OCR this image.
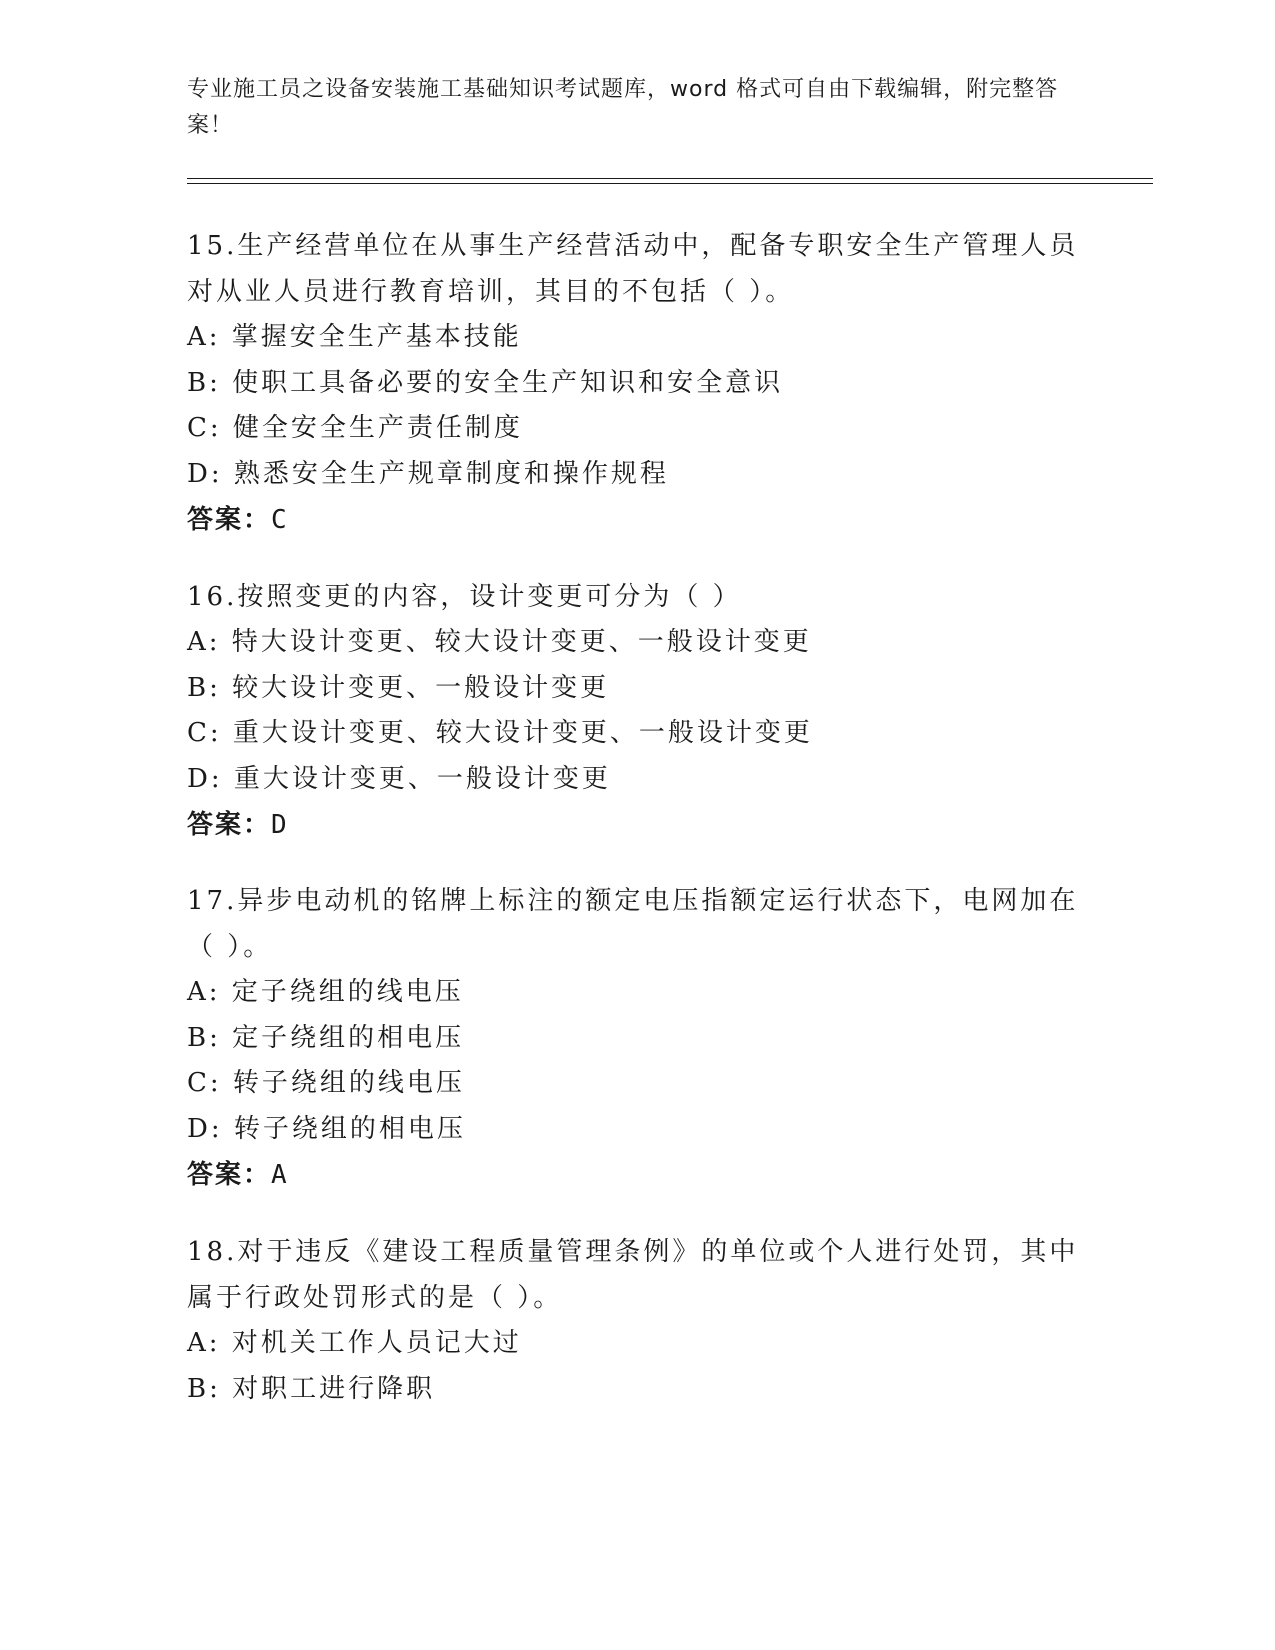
专业施工员之设备安装施工基础知识考试题库，word 格式可自由下载编辑，附完整答案！
15.生产经营单位在从事生产经营活动中，配备专职安全生产管理人员对从业人员进行教育培训，其目的不包括（ ）。
A: 掌握安全生产基本技能
B: 使职工具备必要的安全生产知识和安全意识
C: 健全安全生产责任制度
D: 熟悉安全生产规章制度和操作规程
答案：C
16.按照变更的内容，设计变更可分为（ ）
A: 特大设计变更、较大设计变更、一般设计变更
B: 较大设计变更、一般设计变更
C: 重大设计变更、较大设计变更、一般设计变更
D: 重大设计变更、一般设计变更
答案：D
17.异步电动机的铭牌上标注的额定电压指额定运行状态下，电网加在（ ）。
A: 定子绕组的线电压
B: 定子绕组的相电压
C: 转子绕组的线电压
D: 转子绕组的相电压
答案：A
18.对于违反《建设工程质量管理条例》的单位或个人进行处罚，其中属于行政处罚形式的是（ ）。
A: 对机关工作人员记大过
B: 对职工进行降职
